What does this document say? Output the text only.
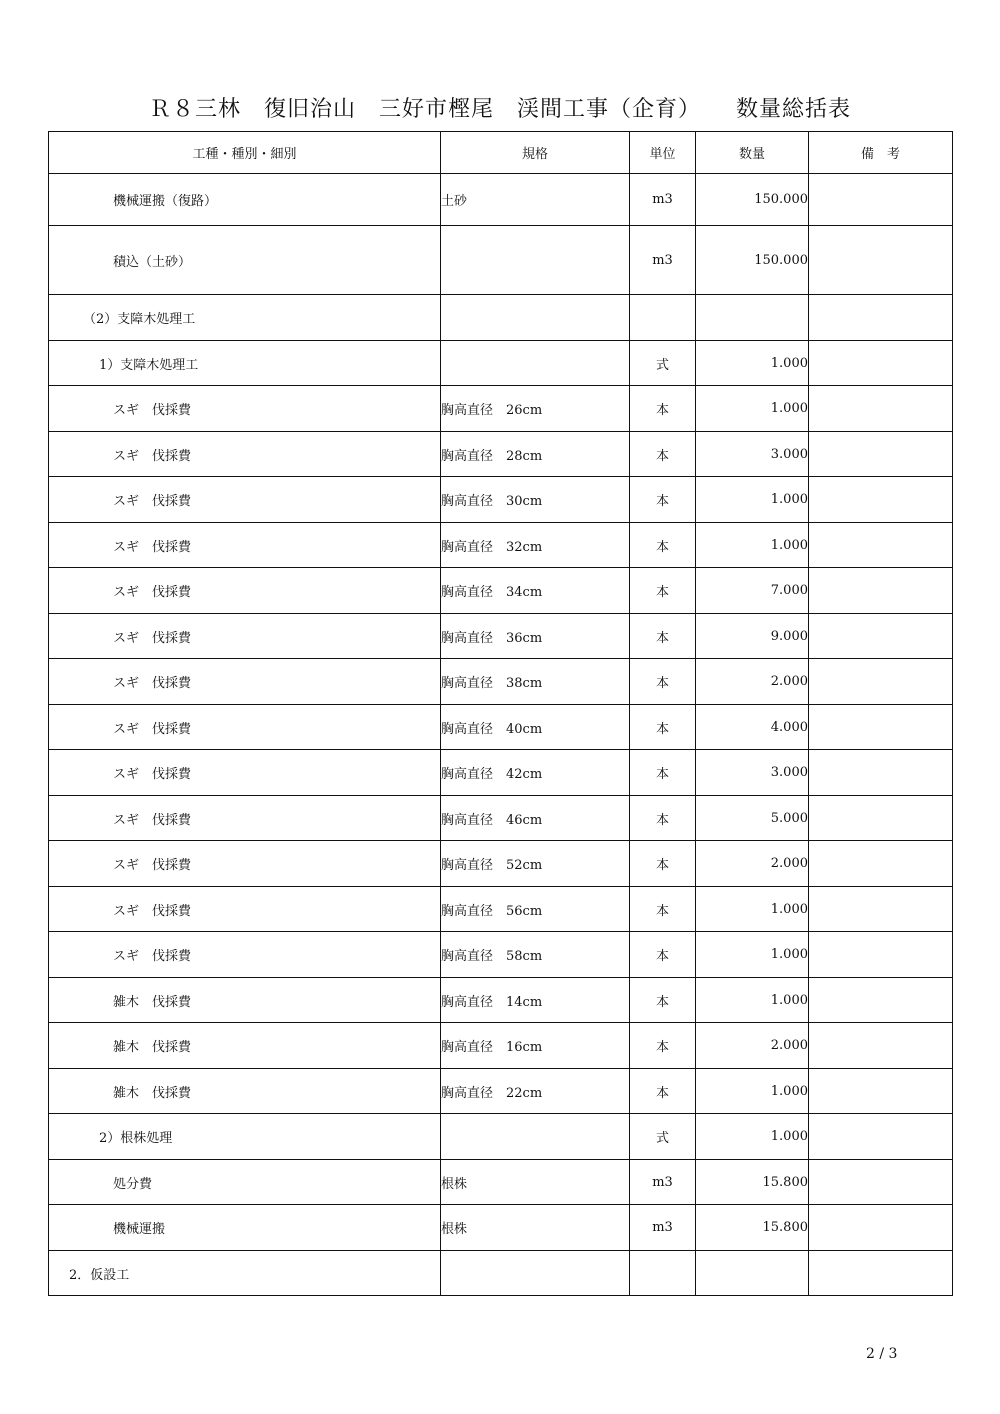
Ｒ８三林　復旧治山　三好市樫尾　渓間工事（企育）　　数量総括表
工種・種別・細別	規格	単位	数量	備　考
機械運搬（復路）	土砂	m3	150.000	
積込（土砂）		m3	150.000	
（2）支障木処理工				
1）支障木処理工		式	1.000	
スギ　伐採費	胸高直径　26cm	本	1.000	
スギ　伐採費	胸高直径　28cm	本	3.000	
スギ　伐採費	胸高直径　30cm	本	1.000	
スギ　伐採費	胸高直径　32cm	本	1.000	
スギ　伐採費	胸高直径　34cm	本	7.000	
スギ　伐採費	胸高直径　36cm	本	9.000	
スギ　伐採費	胸高直径　38cm	本	2.000	
スギ　伐採費	胸高直径　40cm	本	4.000	
スギ　伐採費	胸高直径　42cm	本	3.000	
スギ　伐採費	胸高直径　46cm	本	5.000	
スギ　伐採費	胸高直径　52cm	本	2.000	
スギ　伐採費	胸高直径　56cm	本	1.000	
スギ　伐採費	胸高直径　58cm	本	1.000	
雑木　伐採費	胸高直径　14cm	本	1.000	
雑木　伐採費	胸高直径　16cm	本	2.000	
雑木　伐採費	胸高直径　22cm	本	1.000	
2）根株処理		式	1.000	
処分費	根株	m3	15.800	
機械運搬	根株	m3	15.800	
2．仮設工				
2 / 3
